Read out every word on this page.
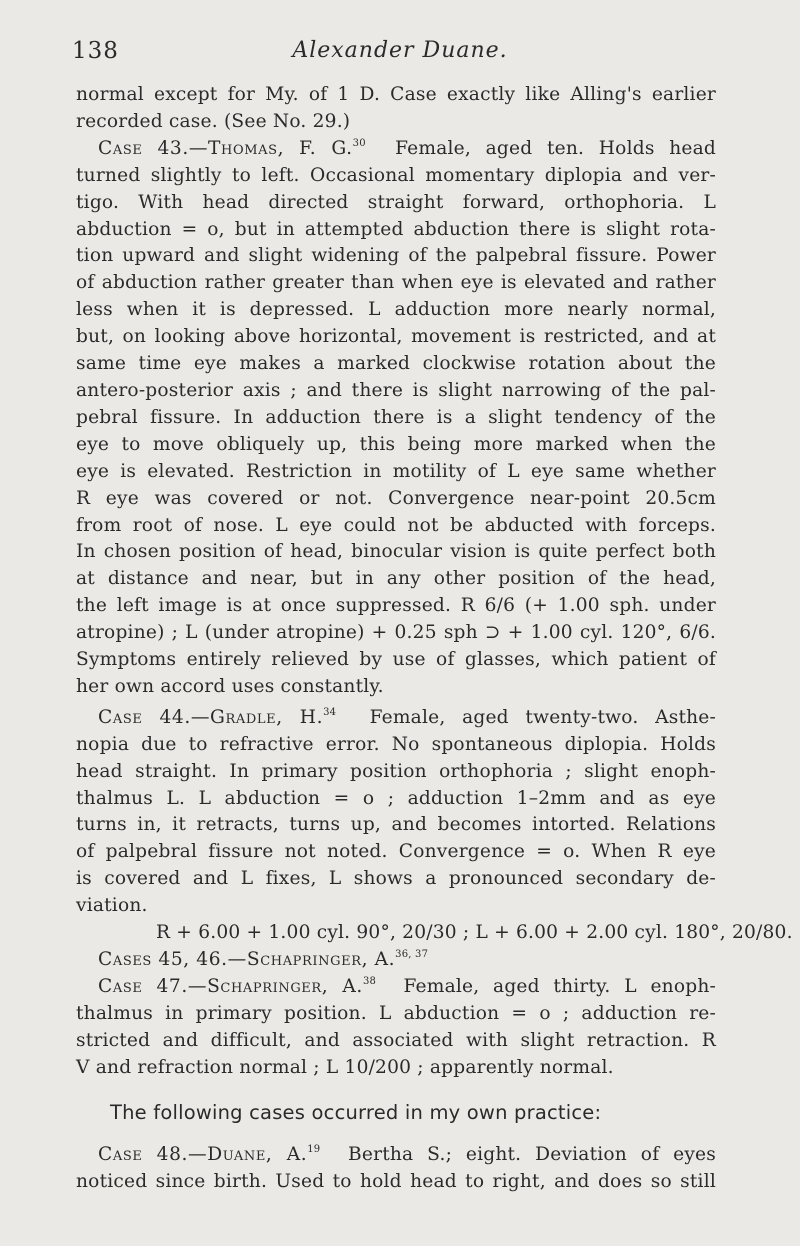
138	Alexander Duane.
normal except for My. of 1 D. Case exactly like Alling's earlier
recorded case. (See No. 29.)
Case 43.—Thomas, F. G.$^{30}$ Female, aged ten. Holds head
turned slightly to left. Occasional momentary diplopia and ver-
tigo. With head directed straight forward, orthophoria. L
abduction = o, but in attempted abduction there is slight rota-
tion upward and slight widening of the palpebral fissure. Power
of abduction rather greater than when eye is elevated and rather
less when it is depressed. L adduction more nearly normal,
but, on looking above horizontal, movement is restricted, and at
same time eye makes a marked clockwise rotation about the
antero-posterior axis ; and there is slight narrowing of the pal-
pebral fissure. In adduction there is a slight tendency of the
eye to move obliquely up, this being more marked when the
eye is elevated. Restriction in motility of L eye same whether
R eye was covered or not. Convergence near-point 20.5cm
from root of nose. L eye could not be abducted with forceps.
In chosen position of head, binocular vision is quite perfect both
at distance and near, but in any other position of the head,
the left image is at once suppressed. R 6/6 (+ 1.00 sph. under
atropine) ; L (under atropine) + 0.25 sph ⊃ + 1.00 cyl. 120°, 6/6.
Symptoms entirely relieved by use of glasses, which patient of
her own accord uses constantly.
Case 44.—Gradle, H.$^{34}$ Female, aged twenty-two. Asthe-
nopia due to refractive error. No spontaneous diplopia. Holds
head straight. In primary position orthophoria ; slight enoph-
thalmus L. L abduction = o ; adduction 1–2mm and as eye
turns in, it retracts, turns up, and becomes intorted. Relations
of palpebral fissure not noted. Convergence = o. When R eye
is covered and L fixes, L shows a pronounced secondary de-
viation.
R + 6.00 + 1.00 cyl. 90°, 20/30 ; L + 6.00 + 2.00 cyl. 180°, 20/80.
Cases 45, 46.—Schapringer, A.$^{36, 37}$
Case 47.—Schapringer, A.$^{38}$ Female, aged thirty. L enoph-
thalmus in primary position. L abduction = o ; adduction re-
stricted and difficult, and associated with slight retraction. R
V and refraction normal ; L 10/200 ; apparently normal.
The following cases occurred in my own practice:
Case 48.—Duane, A.$^{19}$ Bertha S.; eight. Deviation of eyes
noticed since birth. Used to hold head to right, and does so still
